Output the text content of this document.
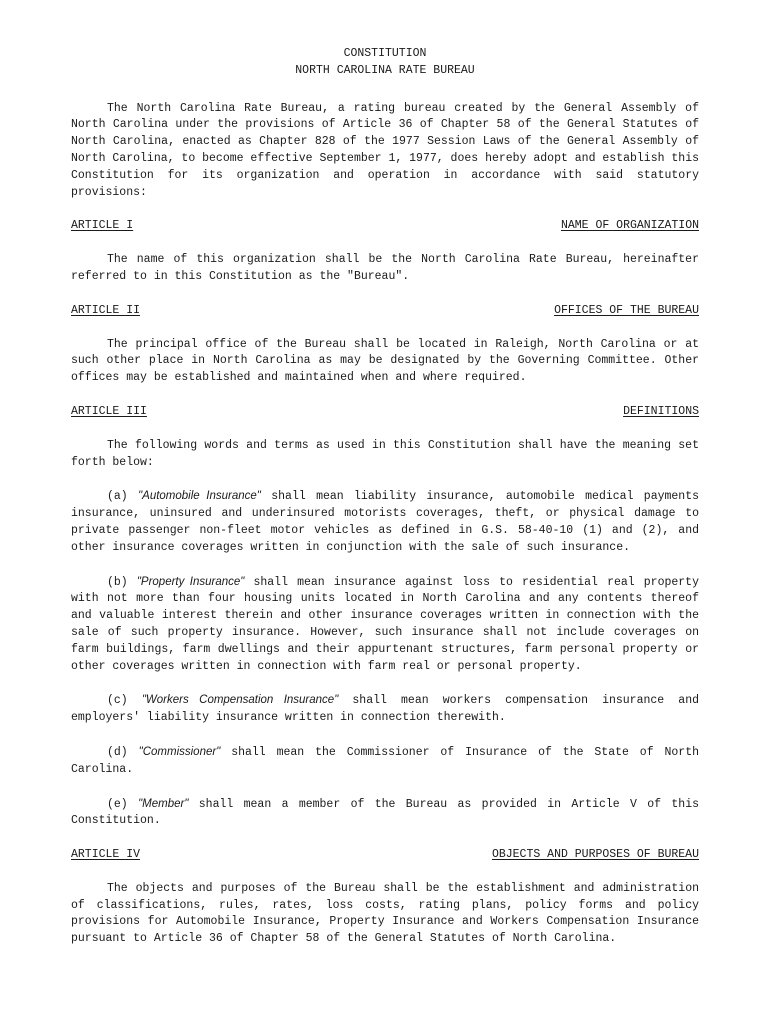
CONSTITUTION
NORTH CAROLINA RATE BUREAU

The North Carolina Rate Bureau, a rating bureau created by the General Assembly of North Carolina under the provisions of Article 36 of Chapter 58 of the General Statutes of North Carolina, enacted as Chapter 828 of the 1977 Session Laws of the General Assembly of North Carolina, to become effective September 1, 1977, does hereby adopt and establish this Constitution for its organization and operation in accordance with said statutory provisions:

ARTICLE I	NAME OF ORGANIZATION

The name of this organization shall be the North Carolina Rate Bureau, hereinafter referred to in this Constitution as the "Bureau".

ARTICLE II	OFFICES OF THE BUREAU

The principal office of the Bureau shall be located in Raleigh, North Carolina or at such other place in North Carolina as may be designated by the Governing Committee. Other offices may be established and maintained when and where required.

ARTICLE III	DEFINITIONS

The following words and terms as used in this Constitution shall have the meaning set forth below:

(a) "Automobile Insurance" shall mean liability insurance, automobile medical payments insurance, uninsured and underinsured motorists coverages, theft, or physical damage to private passenger non-fleet motor vehicles as defined in G.S. 58-40-10 (1) and (2), and other insurance coverages written in conjunction with the sale of such insurance.

(b) "Property Insurance" shall mean insurance against loss to residential real property with not more than four housing units located in North Carolina and any contents thereof and valuable interest therein and other insurance coverages written in connection with the sale of such property insurance. However, such insurance shall not include coverages on farm buildings, farm dwellings and their appurtenant structures, farm personal property or other coverages written in connection with farm real or personal property.

(c) "Workers Compensation Insurance" shall mean workers compensation insurance and employers' liability insurance written in connection therewith.

(d) "Commissioner" shall mean the Commissioner of Insurance of the State of North Carolina.

(e) "Member" shall mean a member of the Bureau as provided in Article V of this Constitution.

ARTICLE IV	OBJECTS AND PURPOSES OF BUREAU

The objects and purposes of the Bureau shall be the establishment and administration of classifications, rules, rates, loss costs, rating plans, policy forms and policy provisions for Automobile Insurance, Property Insurance and Workers Compensation Insurance pursuant to Article 36 of Chapter 58 of the General Statutes of North Carolina.
